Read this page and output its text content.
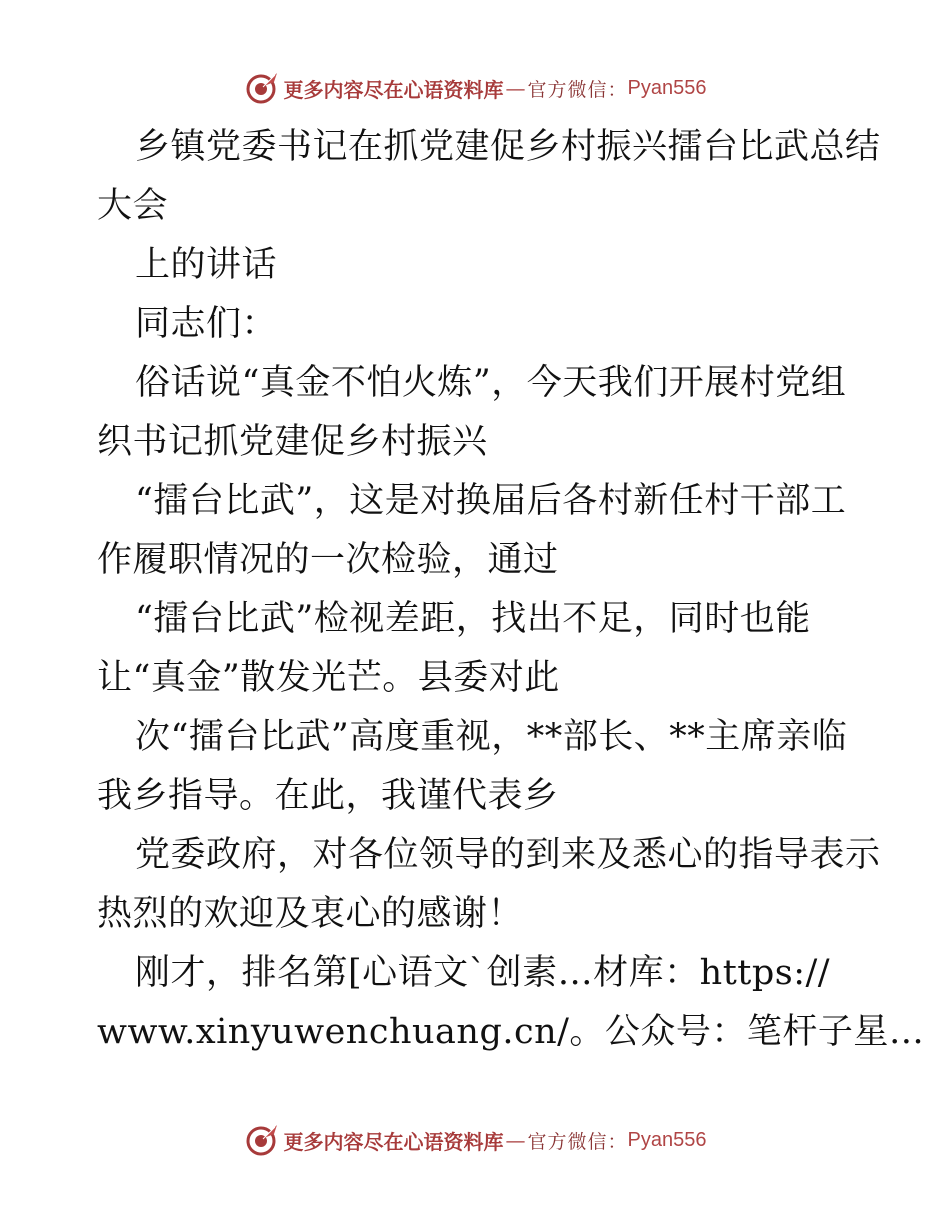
更多内容尽在心语资料库 — 官方微信： Pyan556
乡镇党委书记在抓党建促乡村振兴擂台比武总结
大会
上的讲话
同志们：
俗话说“真金不怕火炼”，今天我们开展村党组
织书记抓党建促乡村振兴
“擂台比武”，这是对换届后各村新任村干部工
作履职情况的一次检验，通过
“擂台比武”检视差距，找出不足，同时也能
让“真金”散发光芒。县委对此
次“擂台比武”高度重视，**部长、**主席亲临
我乡指导。在此，我谨代表乡
党委政府，对各位领导的到来及悉心的指导表示
热烈的欢迎及衷心的感谢！
刚才，排名第[心语文`创素…材库：https://
www.xinyuwenchuang.cn/。公众号：笔杆子星…
更多内容尽在心语资料库 — 官方微信： Pyan556
